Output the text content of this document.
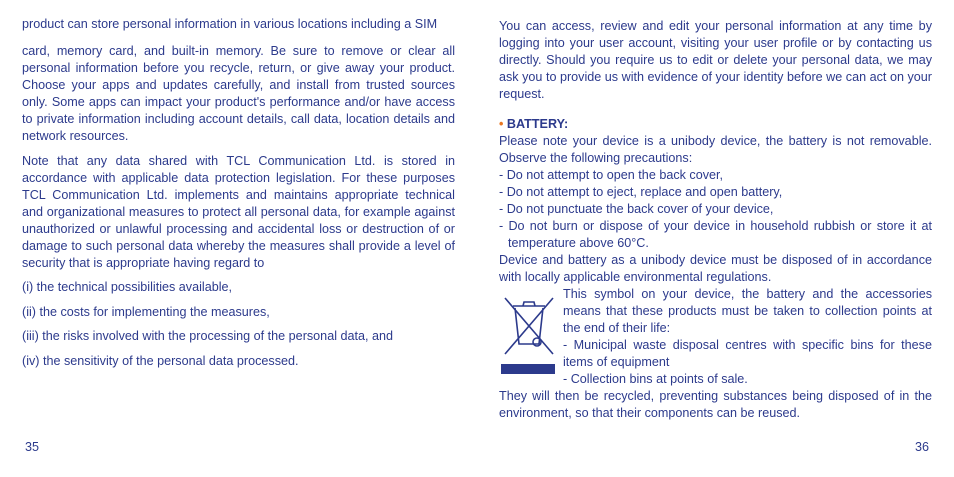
product can store personal information in various locations including a SIM

card, memory card, and built-in memory. Be sure to remove or clear all personal information before you recycle, return, or give away your product. Choose your apps and updates carefully, and install from trusted sources only. Some apps can impact your product's performance and/or have access to private information including account details, call data, location details and network resources.

Note that any data shared with TCL Communication Ltd. is stored in accordance with applicable data protection legislation. For these purposes TCL Communication Ltd. implements and maintains appropriate technical and organizational measures to protect all personal data, for example against unauthorized or unlawful processing and accidental loss or destruction of or damage to such personal data whereby the measures shall provide a level of security that is appropriate having regard to

(i) the technical possibilities available,

(ii) the costs for implementing the measures,

(iii) the risks involved with the processing of the personal data, and

(iv) the sensitivity of the personal data processed.

35

You can access, review and edit your personal information at any time by logging into your user account, visiting your user profile or by contacting us directly. Should you require us to edit or delete your personal data, we may ask you to provide us with evidence of your identity before we can act on your request.

• BATTERY:

Please note your device is a unibody device, the battery is not removable. Observe the following precautions:

- Do not attempt to open the back cover,

- Do not attempt to eject, replace and open battery,

- Do not punctuate the back cover of your device,

- Do not burn or dispose of your device in household rubbish or store it at temperature above 60°C.

Device and battery as a unibody device must be disposed of in accordance with locally applicable environmental regulations.

This symbol on your device, the battery and the accessories means that these products must be taken to collection points at the end of their life:

- Municipal waste disposal centres with specific bins for these items of equipment

- Collection bins at points of sale.

They will then be recycled, preventing substances being disposed of in the environment, so that their components can be reused.

36
